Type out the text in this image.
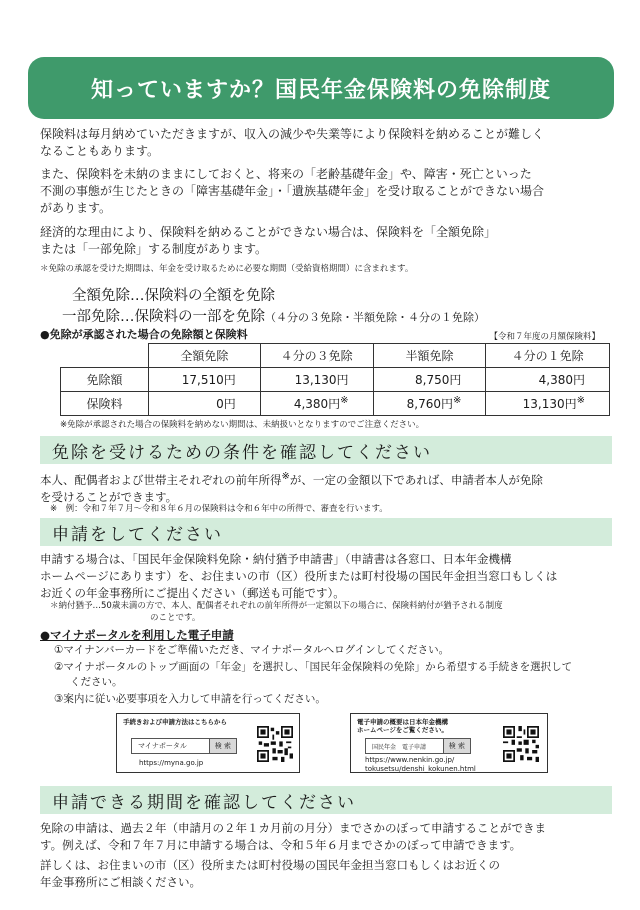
知っていますか？国民年金保険料の免除制度
保険料は毎月納めていただきますが、収入の減少や失業等により保険料を納めることが難しく
なることもあります。
また、保険料を未納のままにしておくと、将来の「老齢基礎年金」や、障害・死亡といった
不測の事態が生じたときの「障害基礎年金」・「遺族基礎年金」を受け取ることができない場合
があります。
経済的な理由により、保険料を納めることができない場合は、保険料を「全額免除」
または「一部免除」する制度があります。
＊免除の承認を受けた期間は、年金を受け取るために必要な期間（受給資格期間）に含まれます。
全額免除…保険料の全額を免除
一部免除…保険料の一部を免除（４分の３免除・半額免除・４分の１免除）
●免除が承認された場合の免除額と保険料	【令和７年度の月額保険料】
	全額免除	４分の３免除	半額免除	４分の１免除
免除額	17,510円	13,130円	8,750円	4,380円
保険料	0円	4,380円※	8,760円※	13,130円※
※免除が承認された場合の保険料を納めない期間は、未納扱いとなりますのでご注意ください。
免除を受けるための条件を確認してください
本人、配偶者および世帯主それぞれの前年所得※が、一定の金額以下であれば、申請者本人が免除
を受けることができます。
※　例：令和７年７月～令和８年６月の保険料は令和６年中の所得で、審査を行います。
申請をしてください
申請する場合は、「国民年金保険料免除・納付猶予申請書」（申請書は各窓口、日本年金機構
ホームページにあります）を、お住まいの市（区）役所または町村役場の国民年金担当窓口もしくは
お近くの年金事務所にご提出ください（郵送も可能です）。
＊納付猶予…50歳未満の方で、本人、配偶者それぞれの前年所得が一定額以下の場合に、保険料納付が猶予される制度
のことです。
●マイナポータルを利用した電子申請
①マイナンバーカードをご準備いただき、マイナポータルへログインしてください。
②マイナポータルのトップ画面の「年金」を選択し、「国民年金保険料の免除」から希望する手続きを選択して
ください。
③案内に従い必要事項を入力して申請を行ってください。
手続きおよび申請方法はこちらから
マイナポータル	検 索
https://myna.go.jp
電子申請の概要は日本年金機構
ホームページをご覧ください。
国民年金　電子申請	検 索
https://www.nenkin.go.jp/
tokusetsu/denshi_kokunen.html
申請できる期間を確認してください
免除の申請は、過去２年（申請月の２年１カ月前の月分）までさかのぼって申請することができま
す。例えば、令和７年７月に申請する場合は、令和５年６月までさかのぼって申請できます。
詳しくは、お住まいの市（区）役所または町村役場の国民年金担当窓口もしくはお近くの
年金事務所にご相談ください。
